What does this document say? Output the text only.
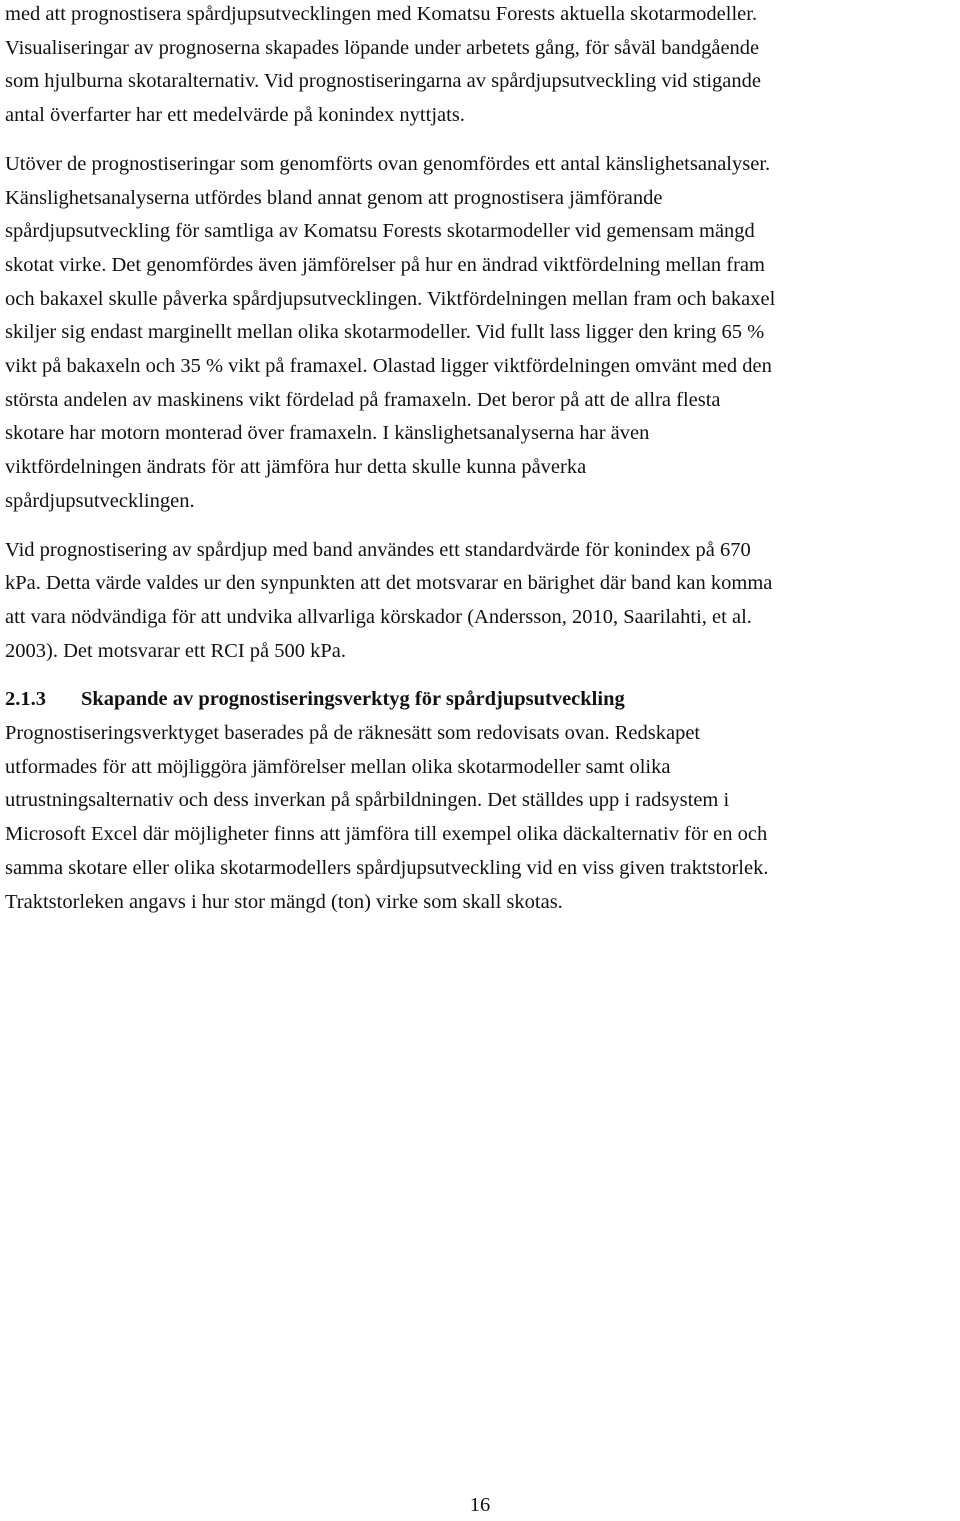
med att prognostisera spårdjupsutvecklingen med Komatsu Forests aktuella skotarmodeller.
Visualiseringar av prognoserna skapades löpande under arbetets gång, för såväl bandgående
som hjulburna skotaralternativ. Vid prognostiseringarna av spårdjupsutveckling vid stigande
antal överfarter har ett medelvärde på konindex nyttjats.
Utöver de prognostiseringar som genomförts ovan genomfördes ett antal känslighetsanalyser.
Känslighetsanalyserna utfördes bland annat genom att prognostisera jämförande
spårdjupsutveckling för samtliga av Komatsu Forests skotarmodeller vid gemensam mängd
skotat virke. Det genomfördes även jämförelser på hur en ändrad viktfördelning mellan fram
och bakaxel skulle påverka spårdjupsutvecklingen. Viktfördelningen mellan fram och bakaxel
skiljer sig endast marginellt mellan olika skotarmodeller. Vid fullt lass ligger den kring 65 %
vikt på bakaxeln och 35 % vikt på framaxel. Olastad ligger viktfördelningen omvänt med den
största andelen av maskinens vikt fördelad på framaxeln. Det beror på att de allra flesta
skotare har motorn monterad över framaxeln. I känslighetsanalyserna har även
viktfördelningen ändrats för att jämföra hur detta skulle kunna påverka
spårdjupsutvecklingen.
Vid prognostisering av spårdjup med band användes ett standardvärde för konindex på 670
kPa. Detta värde valdes ur den synpunkten att det motsvarar en bärighet där band kan komma
att vara nödvändiga för att undvika allvarliga körskador (Andersson, 2010, Saarilahti, et al.
2003). Det motsvarar ett RCI på 500 kPa.
2.1.3 Skapande av prognostiseringsverktyg för spårdjupsutveckling
Prognostiseringsverktyget baserades på de räknesätt som redovisats ovan. Redskapet
utformades för att möjliggöra jämförelser mellan olika skotarmodeller samt olika
utrustningsalternativ och dess inverkan på spårbildningen. Det ställdes upp i radsystem i
Microsoft Excel där möjligheter finns att jämföra till exempel olika däckalternativ för en och
samma skotare eller olika skotarmodellers spårdjupsutveckling vid en viss given traktstorlek.
Traktstorleken angavs i hur stor mängd (ton) virke som skall skotas.
16
